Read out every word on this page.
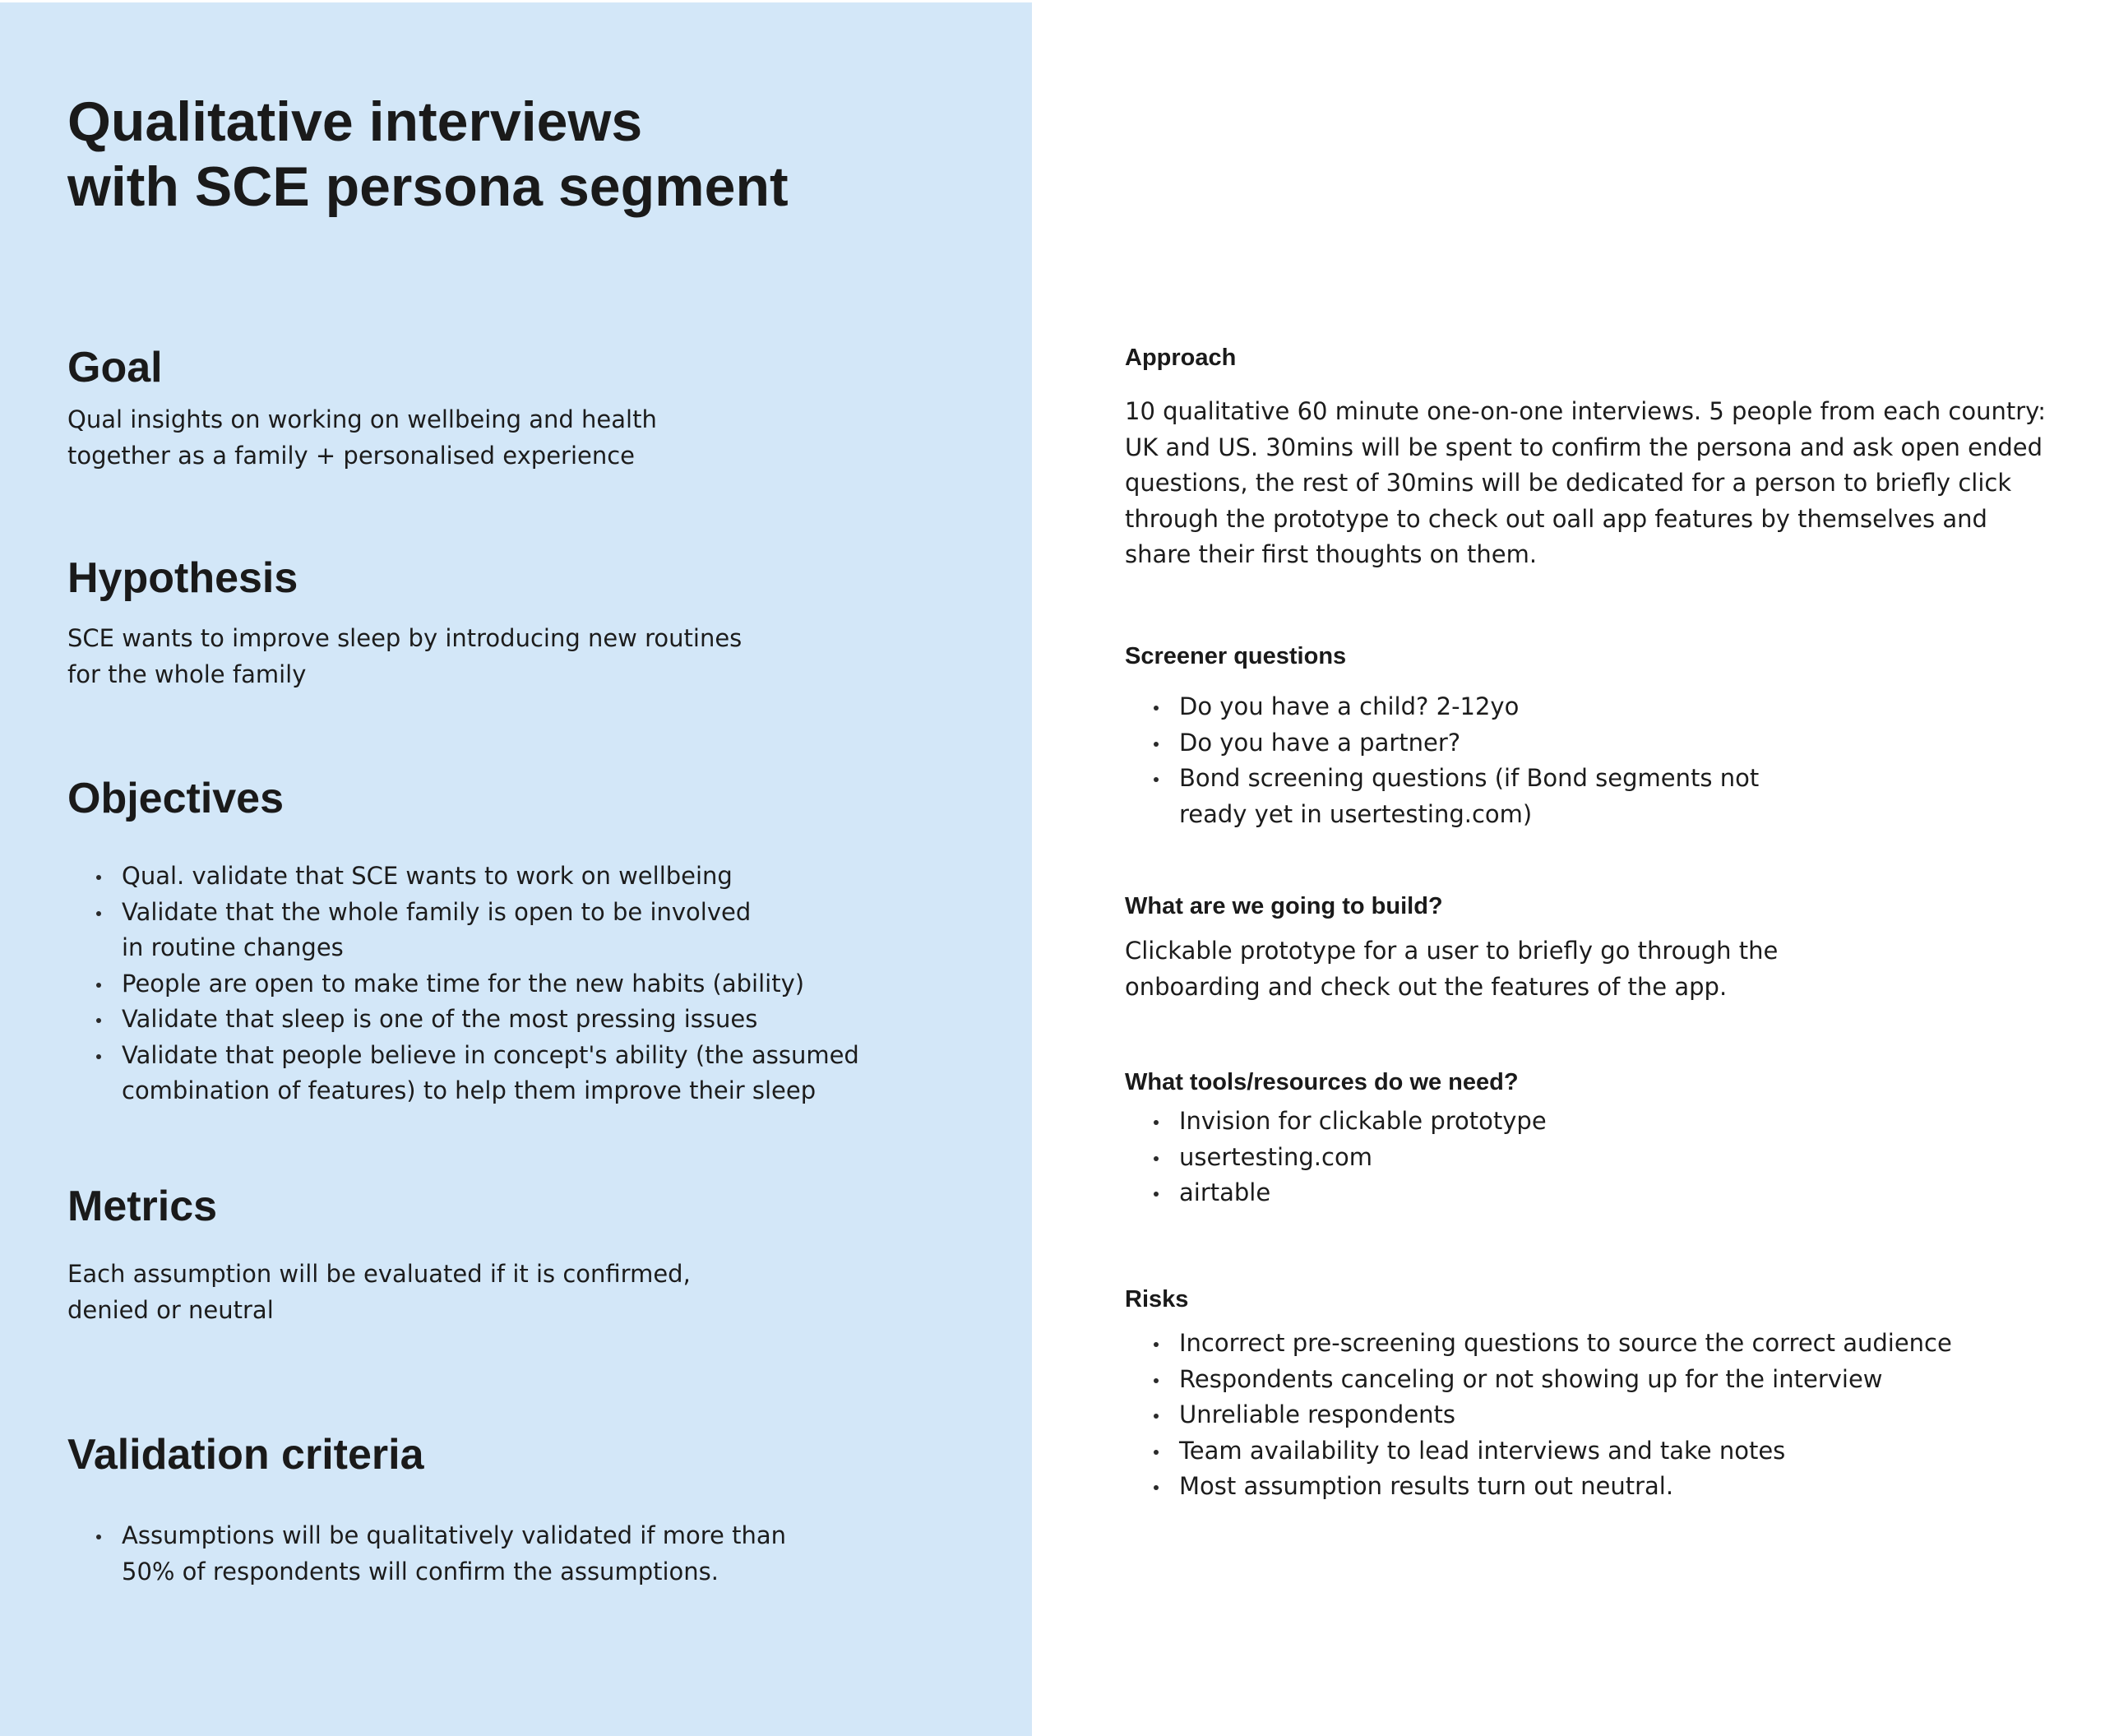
Qualitative interviews
with SCE persona segment
Goal
Qual insights on working on wellbeing and health
together as a family + personalised experience
Hypothesis
SCE wants to improve sleep by introducing new routines
for the whole family
Objectives
Qual. validate that SCE wants to work on wellbeing
Validate that the whole family is open to be involved in routine changes
People are open to make time for the new habits (ability)
Validate that sleep is one of the most pressing issues
Validate that people believe in concept's ability (the assumed combination of features) to help them improve their sleep
Metrics
Each assumption will be evaluated if it is confirmed,
denied or neutral
Validation criteria
Assumptions will be qualitatively validated if more than 50% of respondents will confirm the assumptions.
Approach

10 qualitative 60 minute one-on-one interviews. 5 people from each country: UK and US. 30mins will be spent to confirm the persona and ask open ended questions, the rest of 30mins will be dedicated for a person to briefly click through the prototype to check out oall app features by themselves and share their first thoughts on them.

Screener questions
Do you have a child? 2-12yo
Do you have a partner?
Bond screening questions (if Bond segments not ready yet in usertesting.com)
What are we going to build?
Clickable prototype for a user to briefly go through the
onboarding and check out the features of the app.
What tools/resources do we need?
Invision for clickable prototype
usertesting.com
airtable
Risks
Incorrect pre-screening questions to source the correct audience
Respondents canceling or not showing up for the interview
Unreliable respondents
Team availability to lead interviews and take notes
Most assumption results turn out neutral.
